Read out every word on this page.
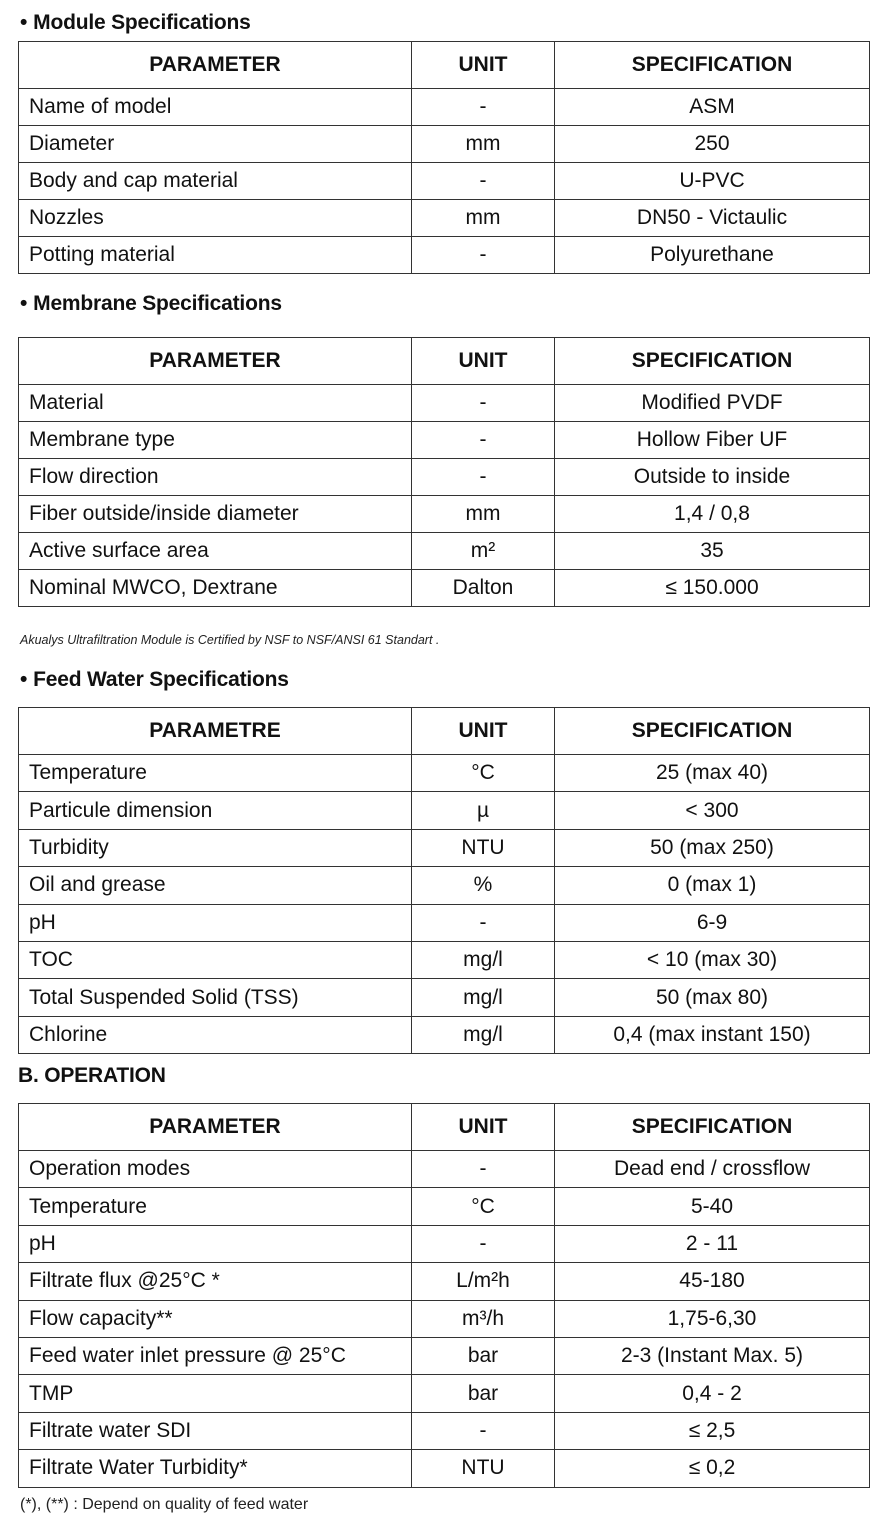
• Module Specifications
PARAMETER	UNIT	SPECIFICATION
Name of model	-	ASM
Diameter	mm	250
Body and cap material	-	U-PVC
Nozzles	mm	DN50 - Victaulic
Potting material	-	Polyurethane
• Membrane Specifications
PARAMETER	UNIT	SPECIFICATION
Material	-	Modified PVDF
Membrane type	-	Hollow Fiber UF
Flow direction	-	Outside to inside
Fiber outside/inside diameter	mm	1,4 / 0,8
Active surface area	m²	35
Nominal MWCO, Dextrane	Dalton	≤ 150.000
Akualys Ultrafiltration Module is Certified by NSF to NSF/ANSI 61 Standart .
• Feed Water Specifications
PARAMETRE	UNIT	SPECIFICATION
Temperature	°C	25 (max 40)
Particule dimension	µ	< 300
Turbidity	NTU	50 (max 250)
Oil and grease	%	0 (max 1)
pH	-	6-9
TOC	mg/l	< 10 (max 30)
Total Suspended Solid (TSS)	mg/l	50 (max 80)
Chlorine	mg/l	0,4 (max instant 150)
B. OPERATION
PARAMETER	UNIT	SPECIFICATION
Operation modes	-	Dead end / crossflow
Temperature	°C	5-40
pH	-	2 - 11
Filtrate flux @25°C *	L/m²h	45-180
Flow capacity**	m³/h	1,75-6,30
Feed water inlet pressure @ 25°C	bar	2-3 (Instant Max. 5)
TMP	bar	0,4 - 2
Filtrate water SDI	-	≤ 2,5
Filtrate Water Turbidity*	NTU	≤ 0,2
(*), (**) : Depend on quality of feed water
